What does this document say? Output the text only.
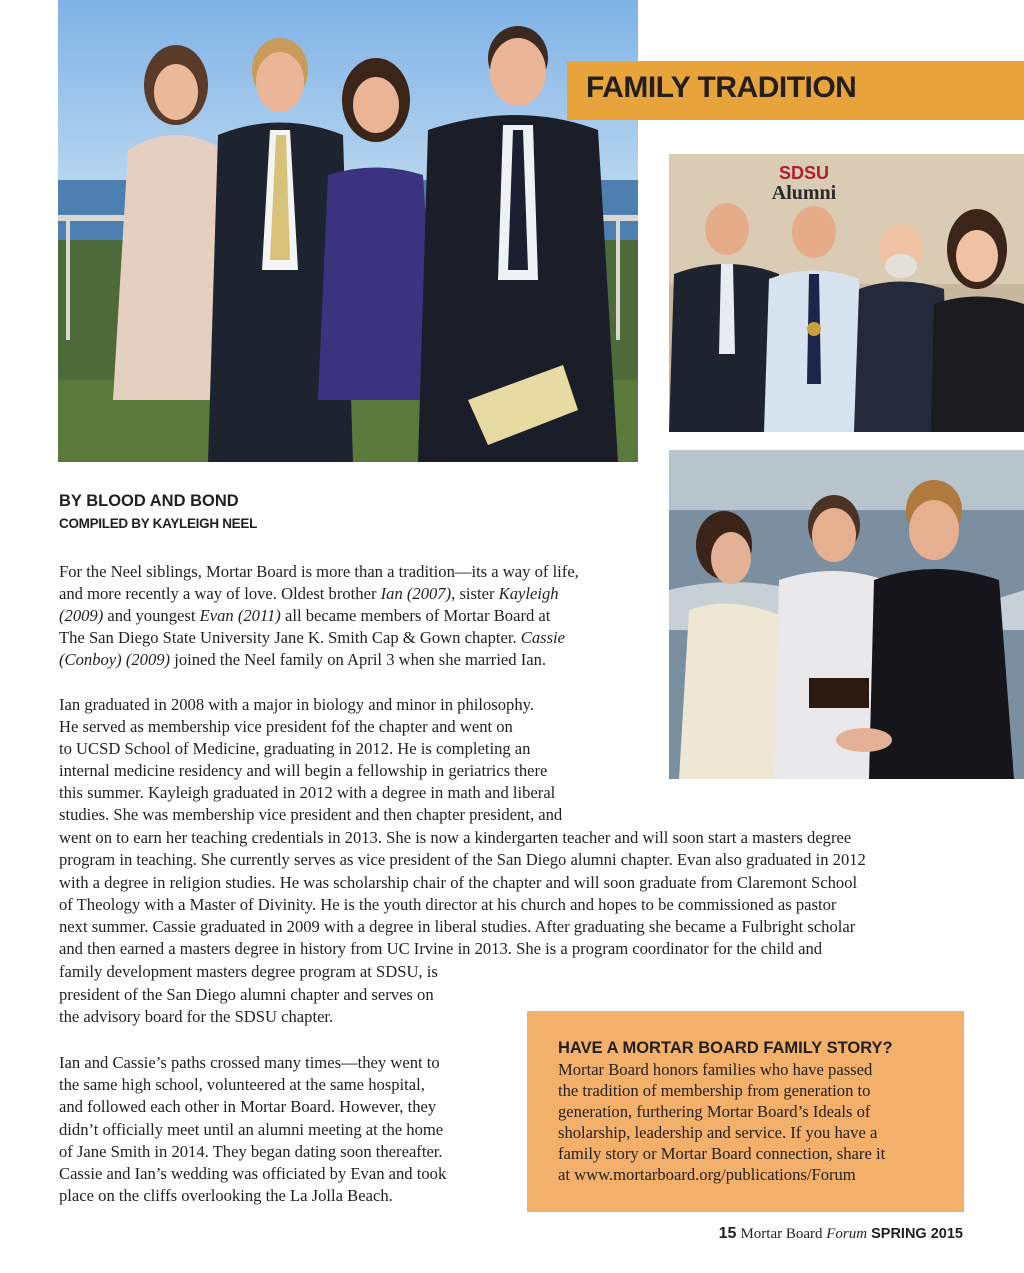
FAMILY TRADITION
SDSU
Alumni
BY BLOOD AND BOND
COMPILED BY KAYLEIGH NEEL
For the Neel siblings, Mortar Board is more than a tradition—its a way of life,
and more recently a way of love. Oldest brother Ian (2007), sister Kayleigh
(2009) and youngest Evan (2011) all became members of Mortar Board at
The San Diego State University Jane K. Smith Cap & Gown chapter. Cassie
(Conboy) (2009) joined the Neel family on April 3 when she married Ian.
Ian graduated in 2008 with a major in biology and minor in philosophy.
He served as membership vice president fof the chapter and went on
to UCSD School of Medicine, graduating in 2012. He is completing an
internal medicine residency and will begin a fellowship in geriatrics there
this summer. Kayleigh graduated in 2012 with a degree in math and liberal
studies. She was membership vice president and then chapter president, and
went on to earn her teaching credentials in 2013. She is now a kindergarten teacher and will soon start a masters degree
program in teaching. She currently serves as vice president of the San Diego alumni chapter. Evan also graduated in 2012
with a degree in religion studies. He was scholarship chair of the chapter and will soon graduate from Claremont School
of Theology with a Master of Divinity. He is the youth director at his church and hopes to be commissioned as pastor
next summer. Cassie graduated in 2009 with a degree in liberal studies. After graduating she became a Fulbright scholar
and then earned a masters degree in history from UC Irvine in 2013. She is a program coordinator for the child and
family development masters degree program at SDSU, is
president of the San Diego alumni chapter and serves on
the advisory board for the SDSU chapter.
Ian and Cassie’s paths crossed many times—they went to
the same high school, volunteered at the same hospital,
and followed each other in Mortar Board. However, they
didn’t officially meet until an alumni meeting at the home
of Jane Smith in 2014. They began dating soon thereafter.
Cassie and Ian’s wedding was officiated by Evan and took
place on the cliffs overlooking the La Jolla Beach.
HAVE A MORTAR BOARD FAMILY STORY?
Mortar Board honors families who have passed
the tradition of membership from generation to
generation, furthering Mortar Board’s Ideals of
sholarship, leadership and service. If you have a
family story or Mortar Board connection, share it
at www.mortarboard.org/publications/Forum
15 Mortar Board Forum SPRING 2015
